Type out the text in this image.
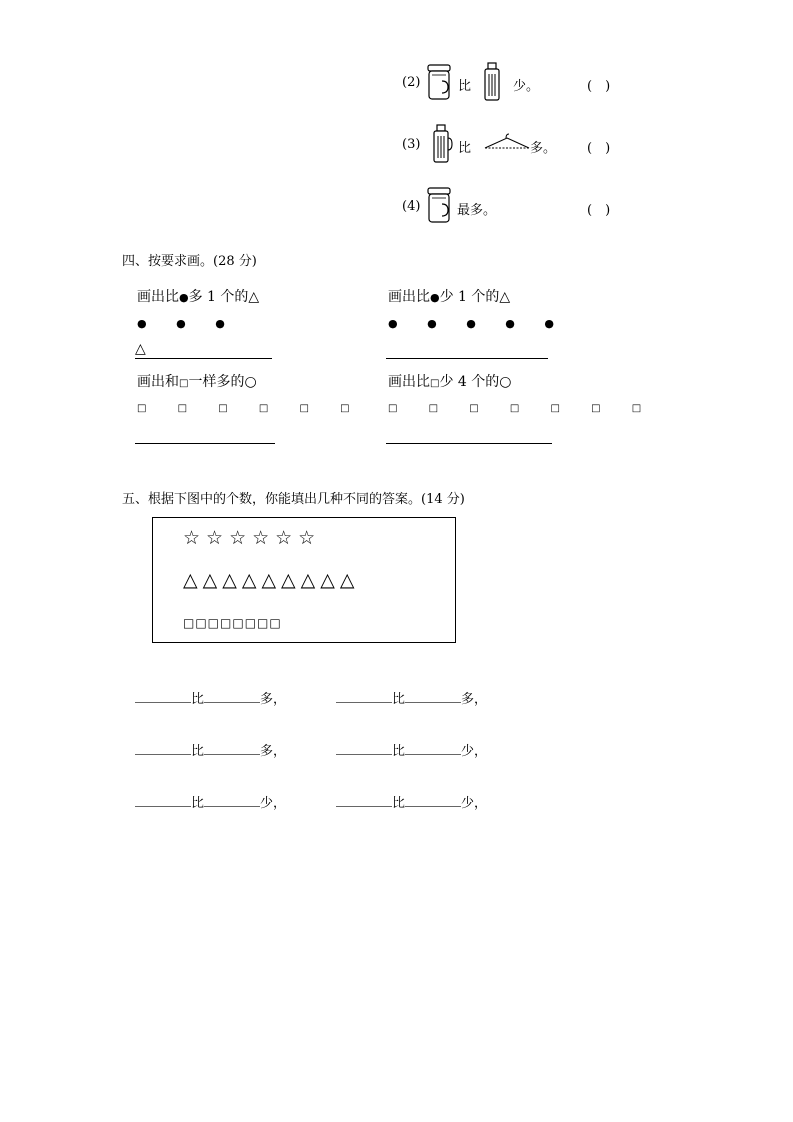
(2)	比	少。	(　)
(3)	比	多。 (　)
(4)	最多。	(　)
四、按要求画。(28 分)
画出比●多 1 个的△
● ● ●
△
画出比●少 1 个的△
● ● ● ● ●
画出和□一样多的○
□ □ □ □ □ □
画出比□少 4 个的○
□ □ □ □ □ □ □
五、根据下图中的个数，你能填出几种不同的答案。(14 分)
☆☆☆☆☆☆
△△△△△△△△△
□□□□□□□□
比	多，	比	多，
比	多，	比	少，
比	少，	比	少，
